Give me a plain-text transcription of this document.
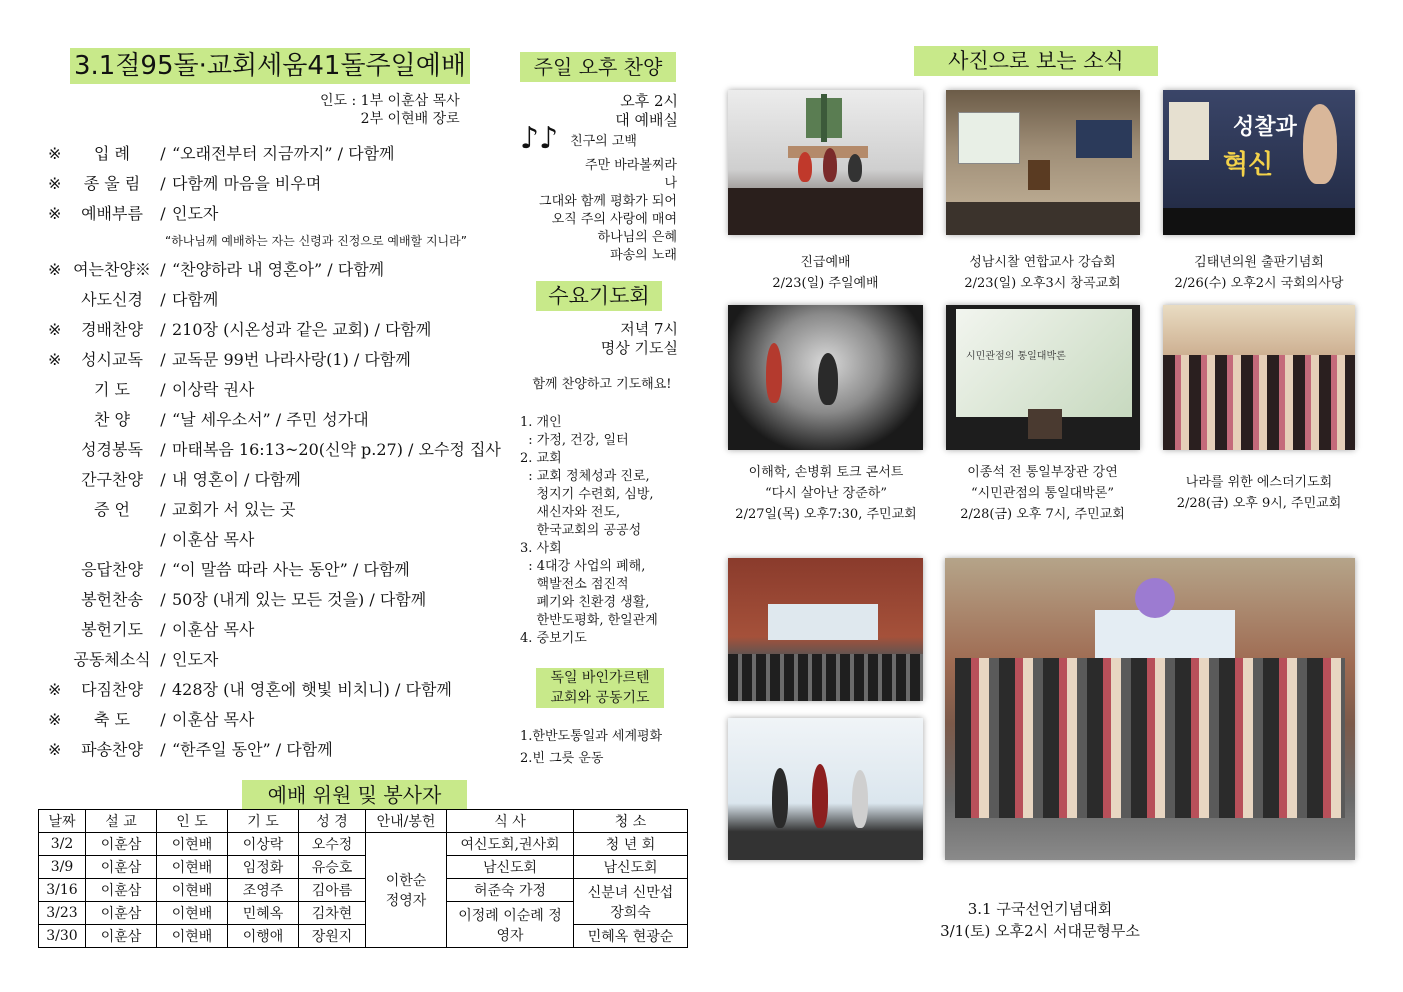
3.1절95돌·교회세움41돌주일예배
인도 : 1부 이훈삼 목사
2부 이현배 장로
※ 입 례 / “오래전부터 지금까지” / 다함께
※ 종 울 림 / 다함께 마음을 비우며
※ 예배부름 / 인도자
※ 여는찬양※ / “찬양하라 내 영혼아” / 다함께
사도신경 / 다함께
※ 경배찬양 / 210장 (시온성과 같은 교회) / 다함께
※ 성시교독 / 교독문 99번 나라사랑(1) / 다함께
기 도 / 이상락 권사
찬 양 / “날 세우소서” / 주민 성가대
성경봉독 / 마태복음 16:13~20(신약 p.27) / 오수정 집사
간구찬양 / 내 영혼이 / 다함께
증 언 / 교회가 서 있는 곳
/ 이훈삼 목사
응답찬양 / “이 말씀 따라 사는 동안” / 다함께
봉헌찬송 / 50장 (내게 있는 모든 것을) / 다함께
봉헌기도 / 이훈삼 목사
공동체소식 / 인도자
※ 다짐찬양 / 428장 (내 영혼에 햇빛 비치니) / 다함께
※ 축 도 / 이훈삼 목사
※ 파송찬양 / “한주일 동안” / 다함께
“하나님께 예배하는 자는 신령과 진정으로 예배할 지니라”
예배 위원 및 봉사자
날짜	설 교	인 도	기 도	성 경	안내/봉헌	식 사	청 소
3/2	이훈삼	이현배	이상락	오수정	이한순 정영자	여신도회,권사회	청 년 회
3/9	이훈삼	이현배	임정화	유승호		남신도회	남신도회
3/16	이훈삼	이현배	조영주	김아름		허준숙 가정	신분녀 신만섭 장희숙
3/23	이훈삼	이현배	민혜옥	김차현		이정례 이순례 정영자	
3/30	이훈삼	이현배	이행애	장원지			민혜옥 현광순
주일 오후 찬양
오후 2시
대 예배실
♪♪ 친구의 고백
주만 바라볼찌라
나
그대와 함께 평화가 되어
오직 주의 사랑에 매여
하나님의 은혜
파송의 노래
수요기도회
저녁 7시
명상 기도실
함께 찬양하고 기도해요!
1. 개인
: 가정, 건강, 일터
2. 교회
: 교회 정체성과 진로,
청지기 수련회, 심방,
새신자와 전도,
한국교회의 공공성
3. 사회
: 4대강 사업의 폐해,
핵발전소 점진적
폐기와 친환경 생활,
한반도평화, 한일관계
4. 중보기도
독일 바인가르텐
교회와 공동기도
1.한반도통일과 세계평화
2.빈 그릇 운동
사진으로 보는 소식
성찰과
혁신
진급예배
2/23(일) 주일예배
성남시찰 연합교사 강습회
2/23(일) 오후3시 창곡교회
김태년의원 출판기념회
2/26(수) 오후2시 국회의사당
시민관점의 통일대박론
이해학, 손병휘 토크 콘서트
“다시 살아난 장준하”
2/27일(목) 오후7:30, 주민교회
이종석 전 통일부장관 강연
“시민관점의 통일대박론”
2/28(금) 오후 7시, 주민교회
나라를 위한 에스더기도회
2/28(금) 오후 9시, 주민교회
3.1 구국선언기념대회
3/1(토) 오후2시 서대문형무소
